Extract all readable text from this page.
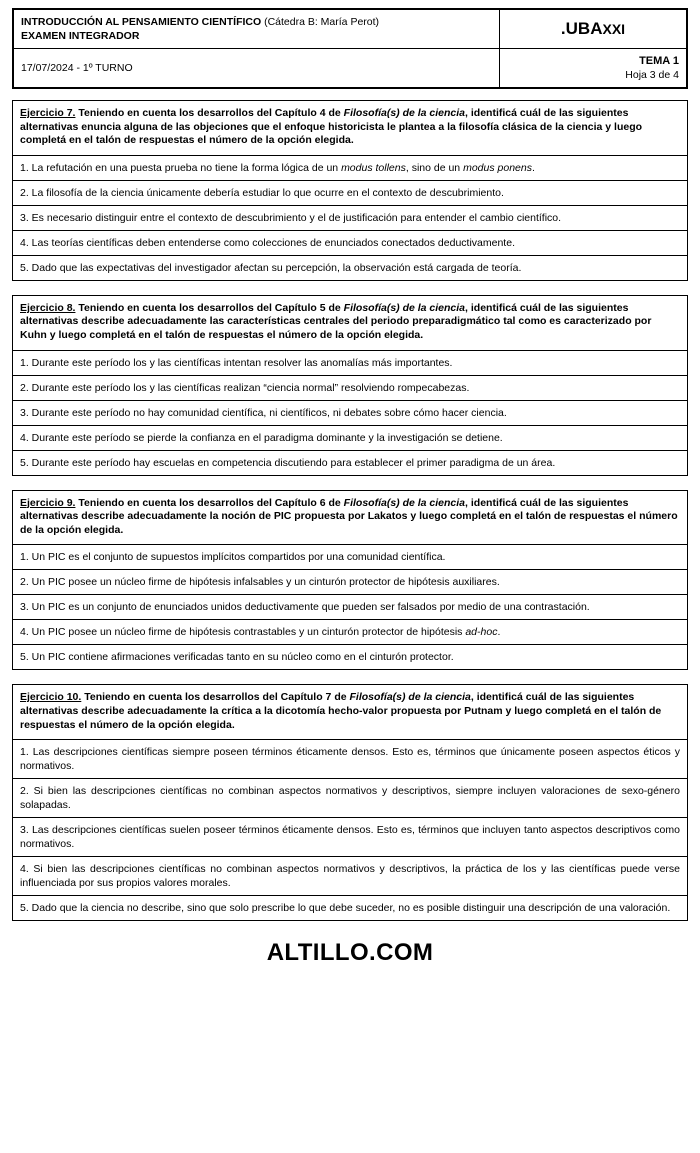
INTRODUCCIÓN AL PENSAMIENTO CIENTÍFICO (Cátedra B: María Perot)
EXAMEN INTEGRADOR	.UBAXXI
17/07/2024 - 1º TURNO	TEMA 1
Hoja 3 de 4
Ejercicio 7. Teniendo en cuenta los desarrollos del Capítulo 4 de Filosofía(s) de la ciencia, identificá cuál de las siguientes alternativas enuncia alguna de las objeciones que el enfoque historicista le plantea a la filosofía clásica de la ciencia y luego completá en el talón de respuestas el número de la opción elegida.
1. La refutación en una puesta prueba no tiene la forma lógica de un modus tollens, sino de un modus ponens.
2. La filosofía de la ciencia únicamente debería estudiar lo que ocurre en el contexto de descubrimiento.
3. Es necesario distinguir entre el contexto de descubrimiento y el de justificación para entender el cambio científico.
4. Las teorías científicas deben entenderse como colecciones de enunciados conectados deductivamente.
5. Dado que las expectativas del investigador afectan su percepción, la observación está cargada de teoría.
Ejercicio 8. Teniendo en cuenta los desarrollos del Capítulo 5 de Filosofía(s) de la ciencia, identificá cuál de las siguientes alternativas describe adecuadamente las características centrales del periodo preparadigmático tal como es caracterizado por Kuhn y luego completá en el talón de respuestas el número de la opción elegida.
1. Durante este período los y las científicas intentan resolver las anomalías más importantes.
2. Durante este período los y las científicas realizan “ciencia normal” resolviendo rompecabezas.
3. Durante este período no hay comunidad científica, ni científicos, ni debates sobre cómo hacer ciencia.
4. Durante este período se pierde la confianza en el paradigma dominante y la investigación se detiene.
5. Durante este período hay escuelas en competencia discutiendo para establecer el primer paradigma de un área.
Ejercicio 9. Teniendo en cuenta los desarrollos del Capítulo 6 de Filosofía(s) de la ciencia, identificá cuál de las siguientes alternativas describe adecuadamente la noción de PIC propuesta por Lakatos y luego completá en el talón de respuestas el número de la opción elegida.
1. Un PIC es el conjunto de supuestos implícitos compartidos por una comunidad científica.
2. Un PIC posee un núcleo firme de hipótesis infalsables y un cinturón protector de hipótesis auxiliares.
3. Un PIC es un conjunto de enunciados unidos deductivamente que pueden ser falsados por medio de una contrastación.
4. Un PIC posee un núcleo firme de hipótesis contrastables y un cinturón protector de hipótesis ad-hoc.
5. Un PIC contiene afirmaciones verificadas tanto en su núcleo como en el cinturón protector.
Ejercicio 10. Teniendo en cuenta los desarrollos del Capítulo 7 de Filosofía(s) de la ciencia, identificá cuál de las siguientes alternativas describe adecuadamente la crítica a la dicotomía hecho-valor propuesta por Putnam y luego completá en el talón de respuestas el número de la opción elegida.
1. Las descripciones científicas siempre poseen términos éticamente densos. Esto es, términos que únicamente poseen aspectos éticos y normativos.
2. Si bien las descripciones científicas no combinan aspectos normativos y descriptivos, siempre incluyen valoraciones de sexo-género solapadas.
3. Las descripciones científicas suelen poseer términos éticamente densos. Esto es, términos que incluyen tanto aspectos descriptivos como normativos.
4. Si bien las descripciones científicas no combinan aspectos normativos y descriptivos, la práctica de los y las científicas puede verse influenciada por sus propios valores morales.
5. Dado que la ciencia no describe, sino que solo prescribe lo que debe suceder, no es posible distinguir una descripción de una valoración.
ALTILLO.COM
